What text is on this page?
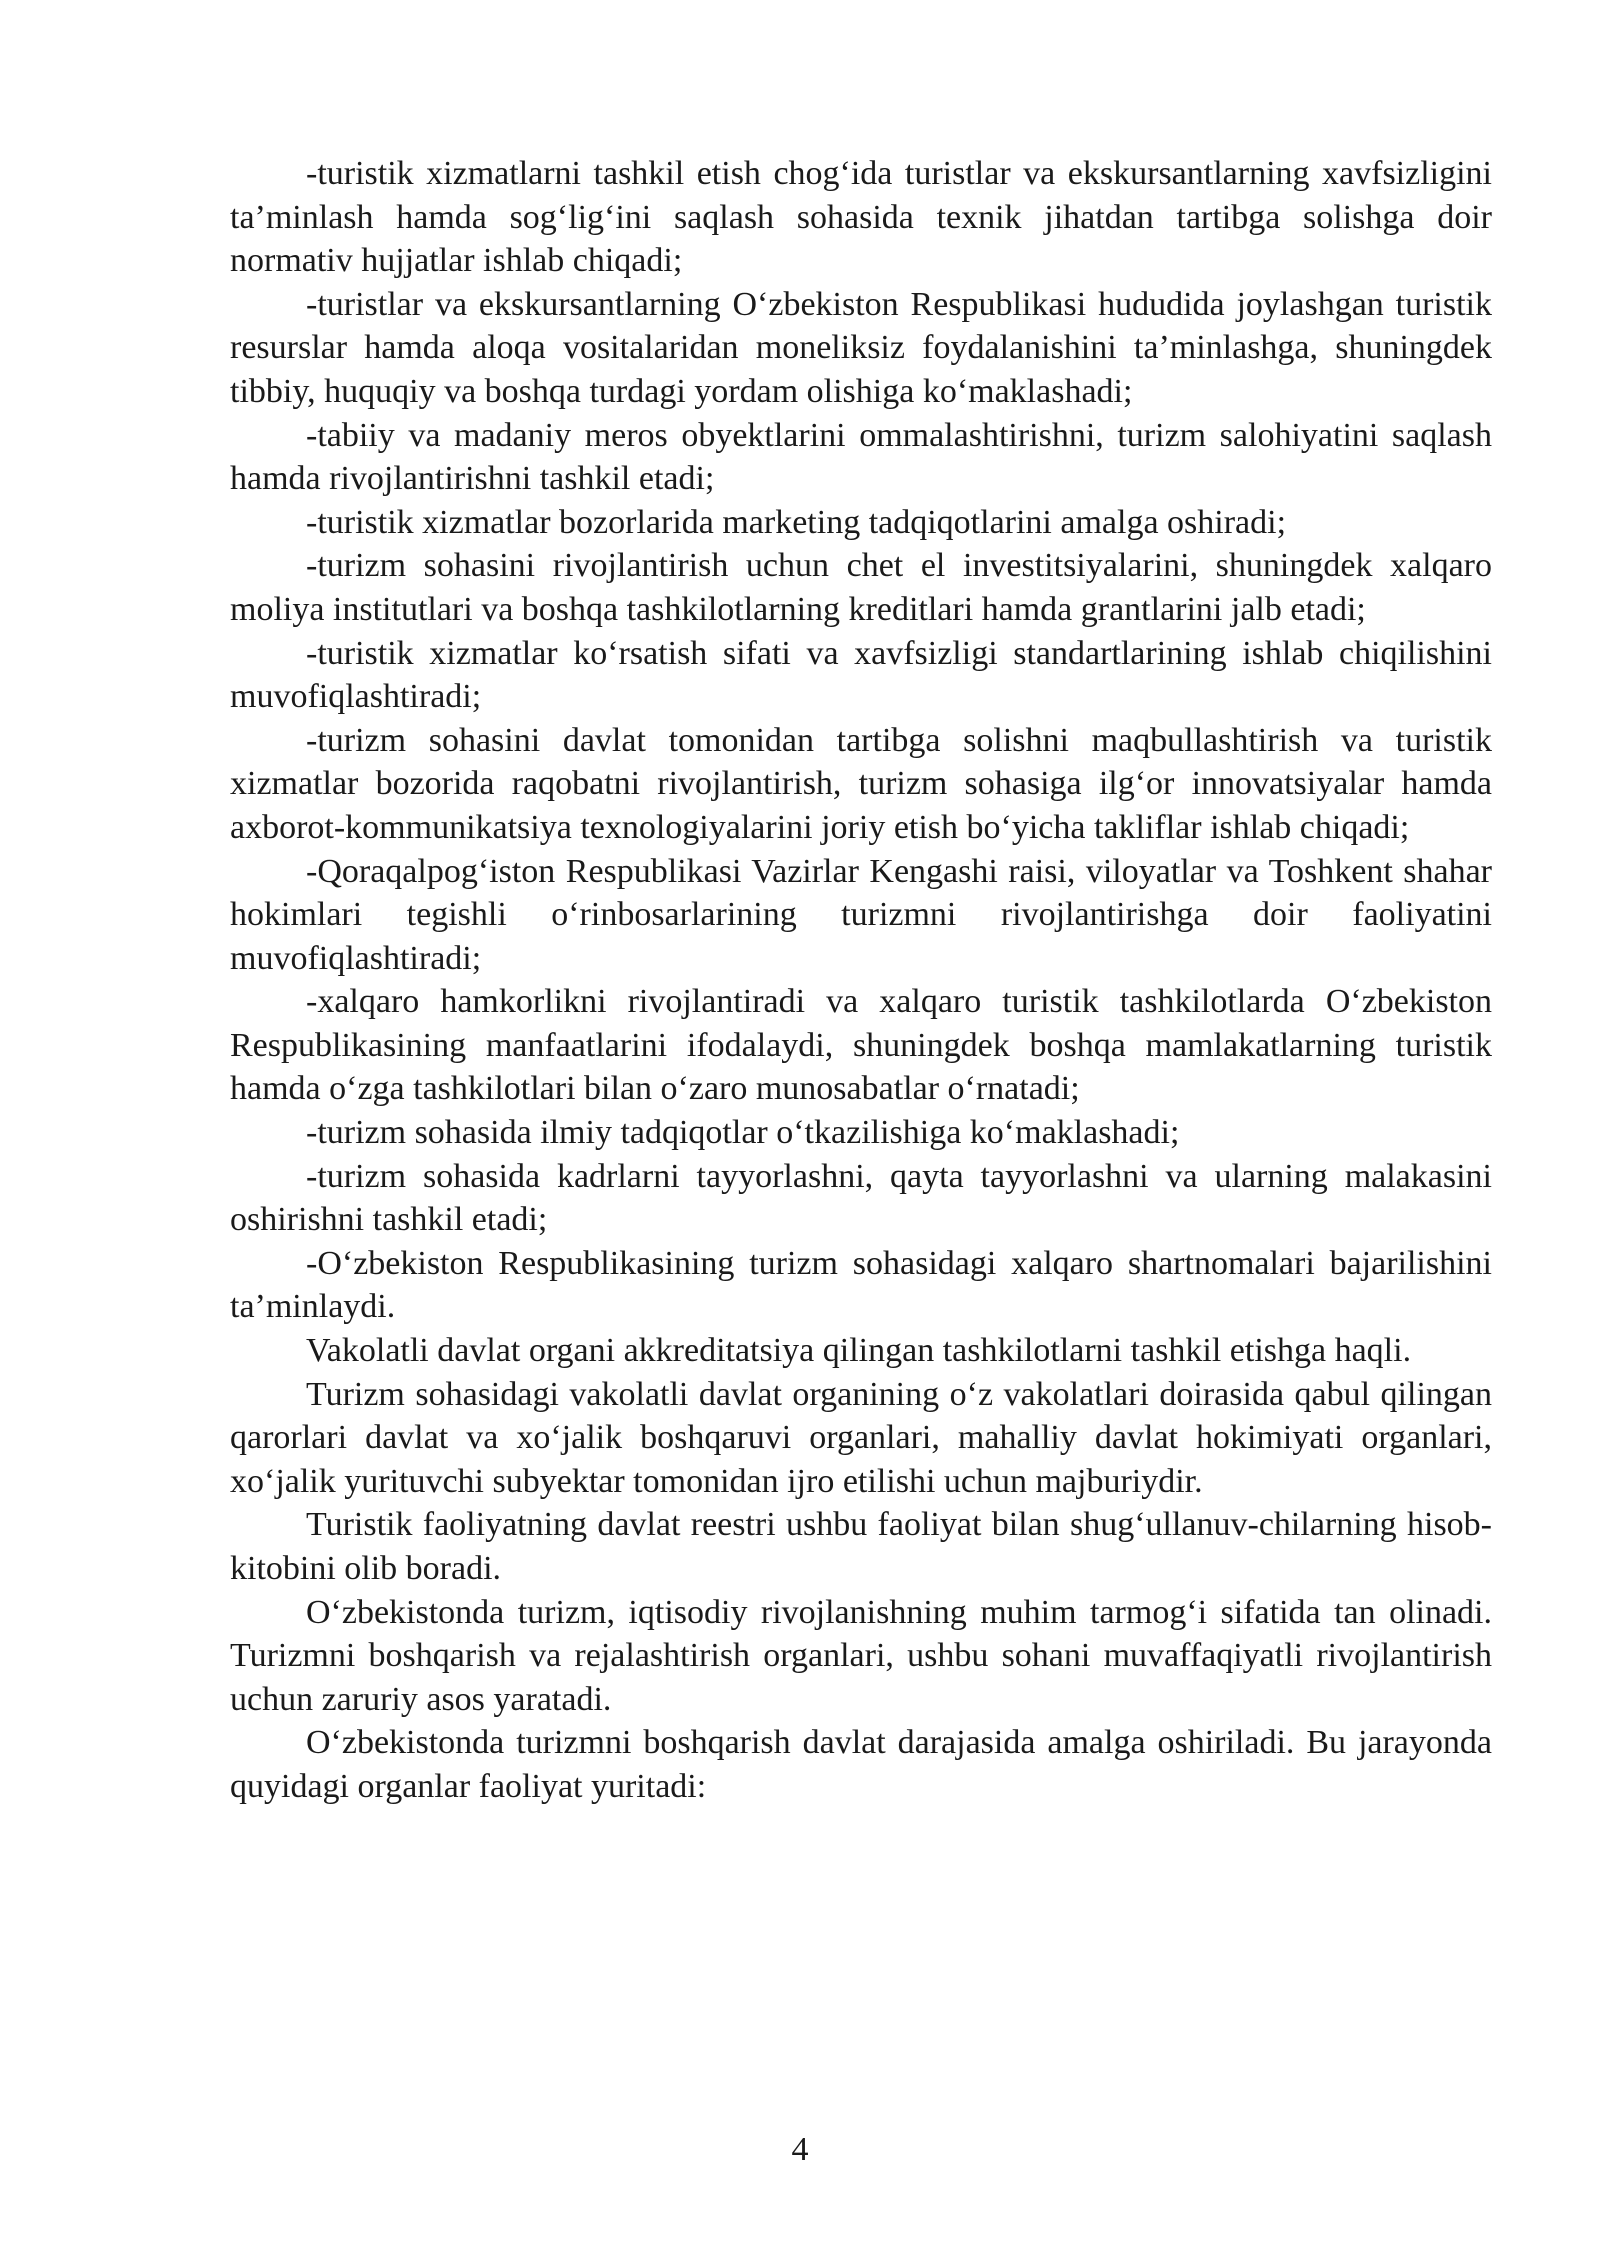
-turistik xizmatlarni tashkil etish chog‘ida turistlar va ekskursantlarning xavfsizligini ta’minlash hamda sog‘lig‘ini saqlash sohasida texnik jihatdan tartibga solishga doir normativ hujjatlar ishlab chiqadi;

-turistlar va ekskursantlarning O‘zbekiston Respublikasi hududida joylashgan turistik resurslar hamda aloqa vositalaridan moneliksiz foydalanishini ta’minlashga, shuningdek tibbiy, huquqiy va boshqa turdagi yordam olishiga ko‘maklashadi;

-tabiiy va madaniy meros obyektlarini ommalashtirishni, turizm salohiyatini saqlash hamda rivojlantirishni tashkil etadi;

-turistik xizmatlar bozorlarida marketing tadqiqotlarini amalga oshiradi;

-turizm sohasini rivojlantirish uchun chet el investitsiyalarini, shuningdek xalqaro moliya institutlari va boshqa tashkilotlarning kreditlari hamda grantlarini jalb etadi;

-turistik xizmatlar ko‘rsatish sifati va xavfsizligi standartlarining ishlab chiqilishini muvofiqlashtiradi;

-turizm sohasini davlat tomonidan tartibga solishni maqbullashtirish va turistik xizmatlar bozorida raqobatni rivojlantirish, turizm sohasiga ilg‘or innovatsiyalar hamda axborot-kommunikatsiya texnologiyalarini joriy etish bo‘yicha takliflar ishlab chiqadi;

-Qoraqalpog‘iston Respublikasi Vazirlar Kengashi raisi, viloyatlar va Toshkent shahar hokimlari tegishli o‘rinbosarlarining turizmni rivojlantirishga doir faoliyatini muvofiqlashtiradi;

-xalqaro hamkorlikni rivojlantiradi va xalqaro turistik tashkilotlarda O‘zbekiston Respublikasining manfaatlarini ifodalaydi, shuningdek boshqa mamlakatlarning turistik hamda o‘zga tashkilotlari bilan o‘zaro munosabatlar o‘rnatadi;

-turizm sohasida ilmiy tadqiqotlar o‘tkazilishiga ko‘maklashadi;

-turizm sohasida kadrlarni tayyorlashni, qayta tayyorlashni va ularning malakasini oshirishni tashkil etadi;

-O‘zbekiston Respublikasining turizm sohasidagi xalqaro shartnomalari bajarilishini ta’minlaydi.

Vakolatli davlat organi akkreditatsiya qilingan tashkilotlarni tashkil etishga haqli.

Turizm sohasidagi vakolatli davlat organining o‘z vakolatlari doirasida qabul qilingan qarorlari davlat va xo‘jalik boshqaruvi organlari, mahalliy davlat hokimiyati organlari, xo‘jalik yurituvchi subyektar tomonidan ijro etilishi uchun majburiydir.

Turistik faoliyatning davlat reestri ushbu faoliyat bilan shug‘ullanuv-chilarning hisob-kitobini olib boradi.

O‘zbekistonda turizm, iqtisodiy rivojlanishning muhim tarmog‘i sifatida tan olinadi. Turizmni boshqarish va rejalashtirish organlari, ushbu sohani muvaffaqiyatli rivojlantirish uchun zaruriy asos yaratadi.

O‘zbekistonda turizmni boshqarish davlat darajasida amalga oshiriladi. Bu jarayonda quyidagi organlar faoliyat yuritadi:

4
